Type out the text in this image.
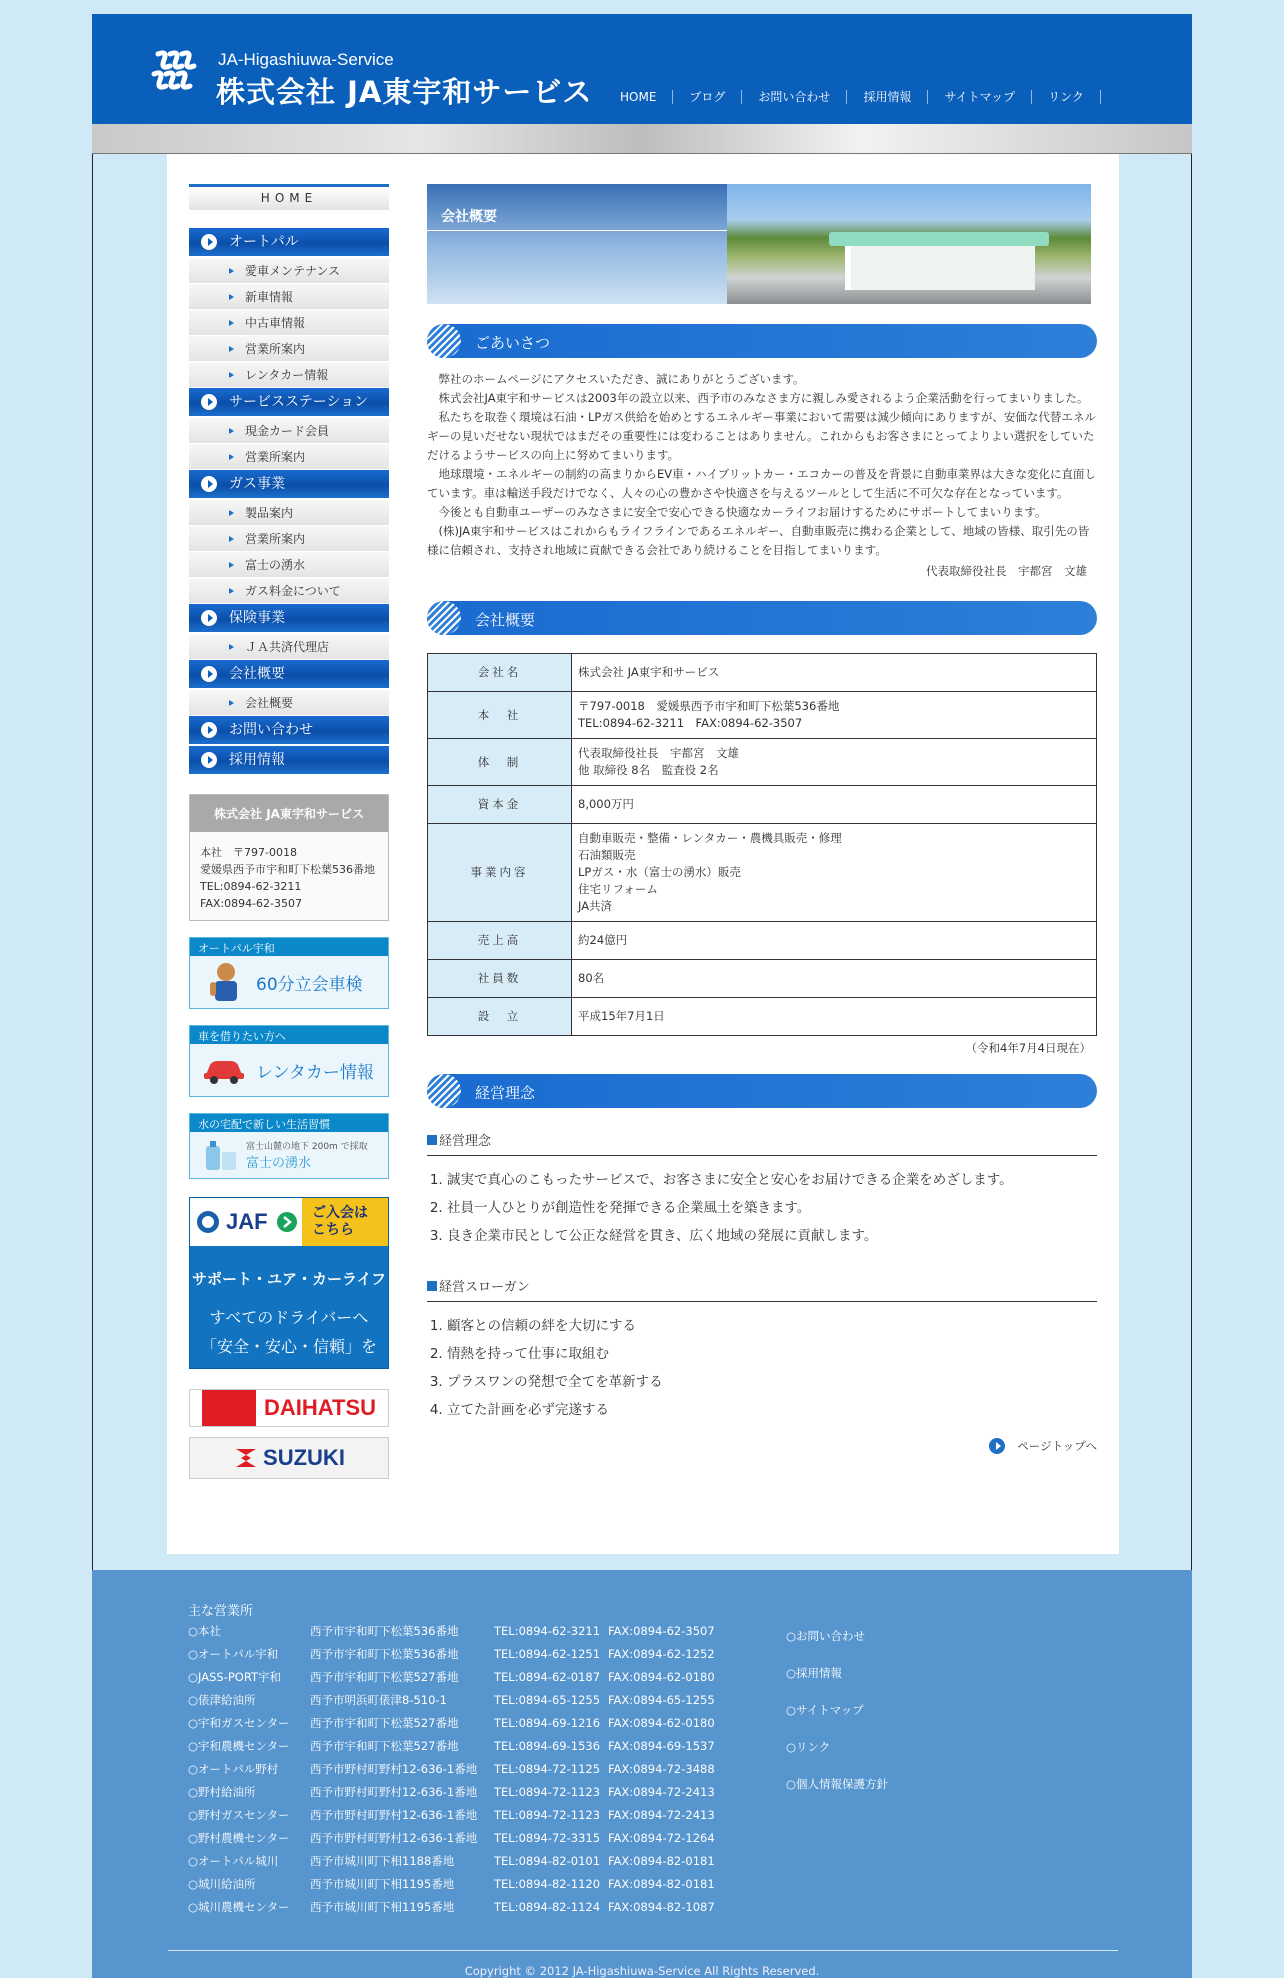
JA-Higashiuwa-Service
株式会社 JA東宇和サービス HOME	ブログ	お問い合わせ	採用情報	サイトマップ	リンク
HOME
オートパル
愛車メンテナンス
新車情報
中古車情報
営業所案内
レンタカー情報
サービスステーション
現金カード会員
営業所案内
ガス事業
製品案内
営業所案内
富士の湧水
ガス料金について
保険事業
ＪＡ共済代理店
会社概要
会社概要
お問い合わせ
採用情報
株式会社 JA東宇和サービス
本社　〒797-0018
愛媛県西予市宇和町下松葉536番地
TEL:0894-62-3211
FAX:0894-62-3507
オートパル宇和
60分立会車検
車を借りたい方へ
レンタカー情報
水の宅配で新しい生活習慣
富士山麓の地下 200m で採取
富士の湧水
JAF	ご入会は
こちら
サポート・ユア・カーライフ
すべてのドライバーへ
「安全・安心・信頼」を
DAIHATSU
SUZUKI
会社概要
ごあいさつ

弊社のホームページにアクセスいただき、誠にありがとうございます。

株式会社JA東宇和サービスは2003年の設立以来、西予市のみなさま方に親しみ愛されるよう企業活動を行ってまいりました。

私たちを取巻く環境は石油・LPガス供給を始めとするエネルギー事業において需要は減少傾向にありますが、安価な代替エネルギーの見いだせない現状ではまだその重要性には変わることはありません。これからもお客さまにとってよりよい選択をしていただけるようサービスの向上に努めてまいります。

地球環境・エネルギーの制約の高まりからEV車・ハイブリットカー・エコカーの普及を背景に自動車業界は大きな変化に直面しています。車は輸送手段だけでなく、人々の心の豊かさや快適さを与えるツールとして生活に不可欠な存在となっています。

今後とも自動車ユーザーのみなさまに安全で安心できる快適なカーライフお届けするためにサポートしてまいります。

(株)JA東宇和サービスはこれからもライフラインであるエネルギー、自動車販売に携わる企業として、地域の皆様、取引先の皆様に信頼され、支持され地域に貢献できる会社であり続けることを目指してまいります。

代表取締役社長　宇都宮　文雄
会社概要
会社名	株式会社 JA東宇和サービス

本　社	〒797-0018　愛媛県西予市宇和町下松葉536番地
TEL:0894-62-3211　FAX:0894-62-3507

体　制	代表取締役社長　宇都宮　文雄
他 取締役 8名　監査役 2名

資本金	8,000万円

事業内容	自動車販売・整備・レンタカー・農機具販売・修理
石油類販売
LPガス・水（富士の湧水）販売
住宅リフォーム
JA共済

売上高	約24億円

社員数	80名

設　立	平成15年7月1日
（令和4年7月4日現在）
経営理念
経営理念
1. 誠実で真心のこもったサービスで、お客さまに安全と安心をお届けできる企業をめざします。
2. 社員一人ひとりが創造性を発揮できる企業風土を築きます。
3. 良き企業市民として公正な経営を貫き、広く地域の発展に貢献します。
経営スローガン
1. 顧客との信頼の絆を大切にする
2. 情熱を持って仕事に取組む
3. プラスワンの発想で全てを革新する
4. 立てた計画を必ず完遂する
ページトップへ
主な営業所
○本社	西予市宇和町下松葉536番地	TEL:0894-62-3211 FAX:0894-62-3507
○オートパル宇和	西予市宇和町下松葉536番地	TEL:0894-62-1251 FAX:0894-62-1252
○JASS-PORT宇和	西予市宇和町下松葉527番地	TEL:0894-62-0187 FAX:0894-62-0180
○俵津給油所	西予市明浜町俵津8-510-1	TEL:0894-65-1255 FAX:0894-65-1255
○宇和ガスセンター	西予市宇和町下松葉527番地	TEL:0894-69-1216 FAX:0894-62-0180
○宇和農機センター	西予市宇和町下松葉527番地	TEL:0894-69-1536 FAX:0894-69-1537
○オートパル野村	西予市野村町野村12-636-1番地	TEL:0894-72-1125 FAX:0894-72-3488
○野村給油所	西予市野村町野村12-636-1番地	TEL:0894-72-1123 FAX:0894-72-2413
○野村ガスセンター	西予市野村町野村12-636-1番地	TEL:0894-72-1123 FAX:0894-72-2413
○野村農機センター	西予市野村町野村12-636-1番地	TEL:0894-72-3315 FAX:0894-72-1264
○オートパル城川	西予市城川町下相1188番地	TEL:0894-82-0101 FAX:0894-82-0181
○城川給油所	西予市城川町下相1195番地	TEL:0894-82-1120 FAX:0894-82-0181
○城川農機センター	西予市城川町下相1195番地	TEL:0894-82-1124 FAX:0894-82-1087
○お問い合わせ
○採用情報
○サイトマップ
○リンク
○個人情報保護方針
Copyright © 2012 JA-Higashiuwa-Service All Rights Reserved.
